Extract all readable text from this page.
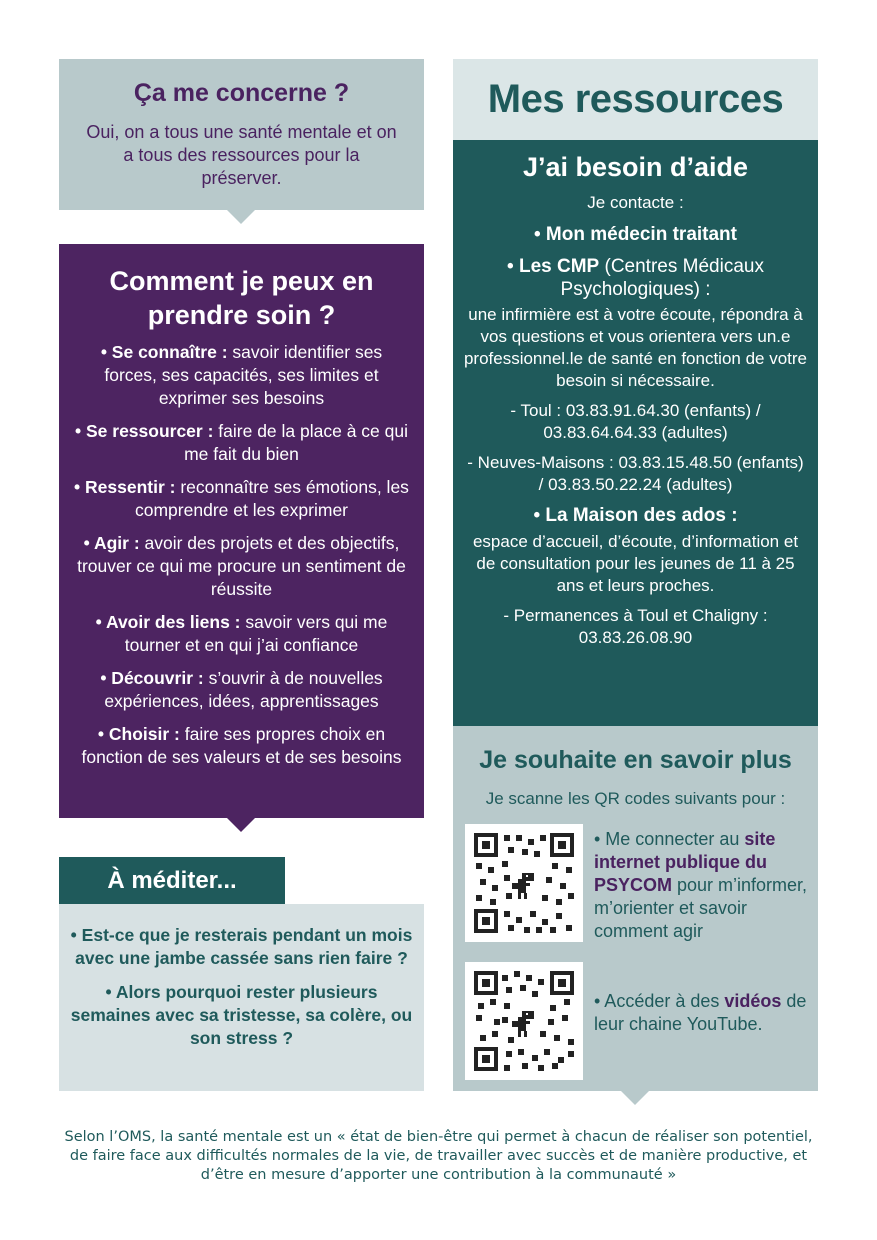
Ça me concerne ?

Oui, on a tous une santé mentale et on a tous des ressources pour la préserver.

Comment je peux en prendre soin ?
• Se connaître : savoir identifier ses forces, ses capacités, ses limites et exprimer ses besoins
• Se ressourcer : faire de la place à ce qui me fait du bien
• Ressentir : reconnaître ses émotions, les comprendre et les exprimer
• Agir : avoir des projets et des objectifs, trouver ce qui me procure un sentiment de réussite
• Avoir des liens : savoir vers qui me tourner et en qui j’ai confiance
• Découvrir : s’ouvrir à de nouvelles expériences, idées, apprentissages
• Choisir : faire ses propres choix en fonction de ses valeurs et de ses besoins
À méditer...

• Est-ce que je resterais pendant un mois avec une jambe cassée sans rien faire ?

• Alors pourquoi rester plusieurs semaines avec sa tristesse, sa colère, ou son stress ?

Mes ressources
J’ai besoin d’aide

Je contacte :

• Mon médecin traitant

• Les CMP (Centres Médicaux Psychologiques) :

une infirmière est à votre écoute, répondra à vos questions et vous orientera vers un.e professionnel.le de santé en fonction de votre besoin si nécessaire.

- Toul : 03.83.91.64.30 (enfants) / 03.83.64.64.33 (adultes)

- Neuves-Maisons : 03.83.15.48.50 (enfants) / 03.83.50.22.24 (adultes)

• La Maison des ados :

espace d’accueil, d’écoute, d’information et de consultation pour les jeunes de 11 à 25 ans et leurs proches.

- Permanences à Toul et Chaligny : 03.83.26.08.90

Je souhaite en savoir plus

Je scanne les QR codes suivants pour :

• Me connecter au site internet publique du PSYCOM pour m’informer, m’orienter et savoir comment agir

• Accéder à des vidéos de leur chaine YouTube.

Selon l’OMS, la santé mentale est un « état de bien-être qui permet à chacun de réaliser son potentiel, de faire face aux difficultés normales de la vie, de travailler avec succès et de manière productive, et d’être en mesure d’apporter une contribution à la communauté »
